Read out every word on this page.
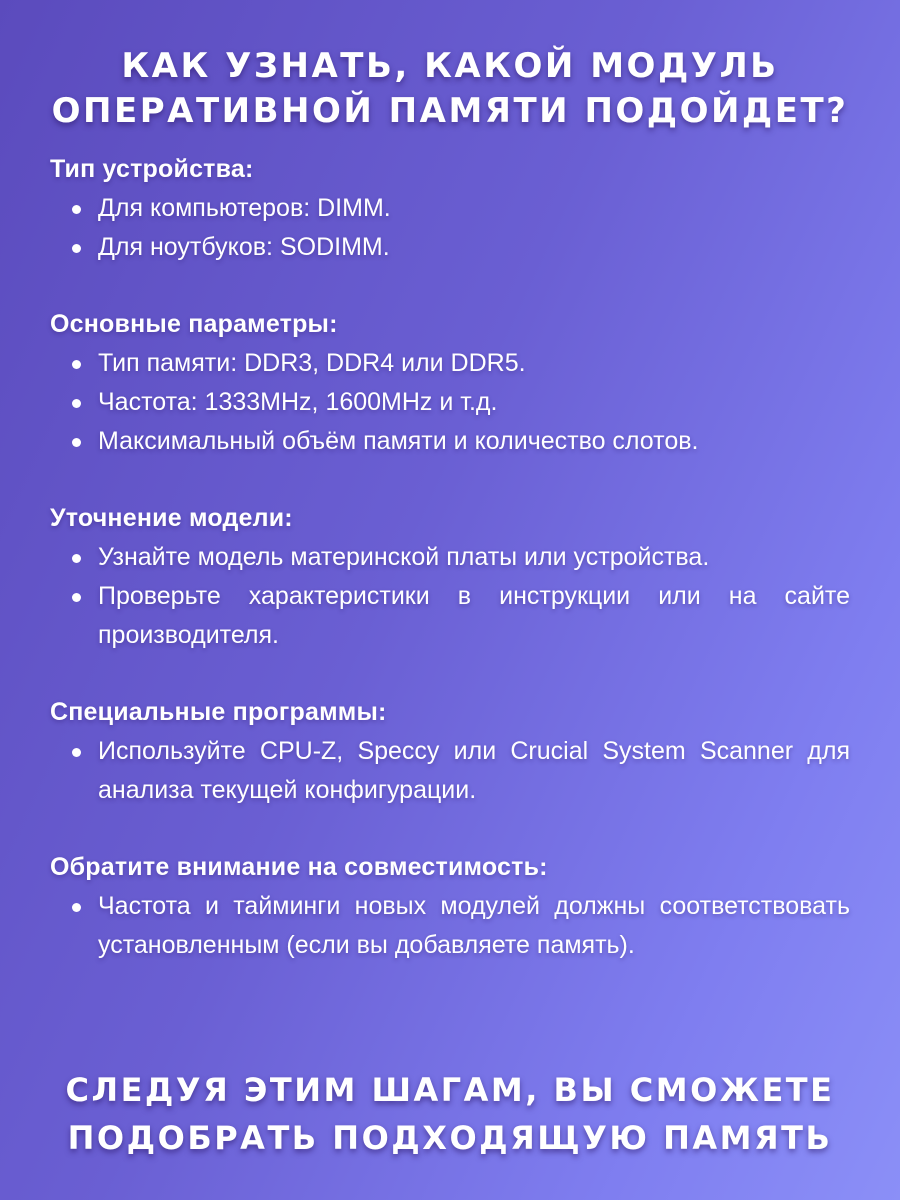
КАК УЗНАТЬ, КАКОЙ МОДУЛЬ
ОПЕРАТИВНОЙ ПАМЯТИ ПОДОЙДЕТ?
Тип устройства:
Для компьютеров: DIMM.
Для ноутбуков: SODIMM.
Основные параметры:
Тип памяти: DDR3, DDR4 или DDR5.
Частота: 1333MHz, 1600MHz и т.д.
Максимальный объём памяти и количество слотов.
Уточнение модели:
Узнайте модель материнской платы или устройства.
Проверьте характеристики в инструкции или на сайте производителя.
Специальные программы:
Используйте CPU-Z, Speccy или Crucial System Scanner для анализа текущей конфигурации.
Обратите внимание на совместимость:
Частота и тайминги новых модулей должны соответствовать установленным (если вы добавляете память).
СЛЕДУЯ ЭТИМ ШАГАМ, ВЫ СМОЖЕТЕ
ПОДОБРАТЬ ПОДХОДЯЩУЮ ПАМЯТЬ
